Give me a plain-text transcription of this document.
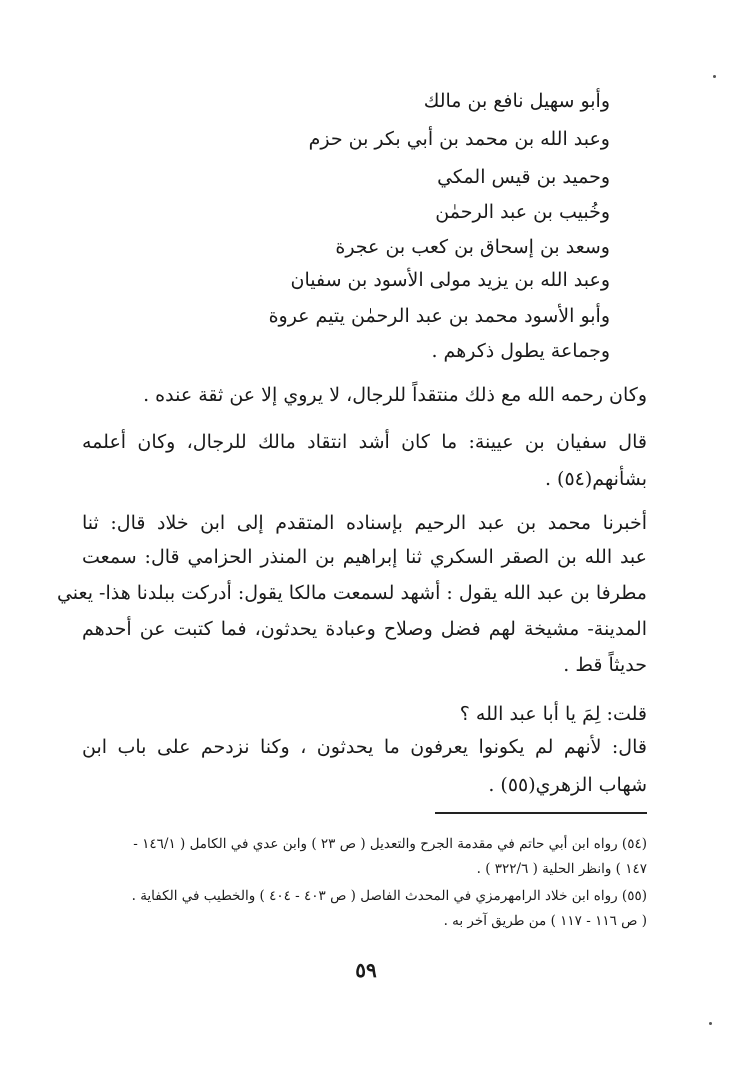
وأبو سهيل نافع بن مالك
وعبد الله بن محمد بن أبي بكر بن حزم
وحميد بن قيس المكي
وخُبيب بن عبد الرحمٰن
وسعد بن إسحاق بن كعب بن عجرة
وعبد الله بن يزيد مولى الأسود بن سفيان
وأبو الأسود محمد بن عبد الرحمٰن يتيم عروة
وجماعة يطول ذكرهم .
وكان رحمه الله مع ذلك منتقداً للرجال، لا يروي إلا عن ثقة عنده .
قال سفيان بن عيينة: ما كان أشد انتقاد مالك للرجال، وكان أعلمه
بشأنهم(٥٤) .
أخبرنا محمد بن عبد الرحيم بإسناده المتقدم إلى ابن خلاد قال: ثنا
عبد الله بن الصقر السكري ثنا إبراهيم بن المنذر الحزامي قال: سمعت
مطرفا بن عبد الله يقول : أشهد لسمعت مالكا يقول: أدركت ببلدنا هذا- يعني
المدينة- مشيخة لهم فضل وصلاح وعبادة يحدثون، فما كتبت عن أحدهم
حديثاً قط .
قلت: لِمَ يا أبا عبد الله ؟
قال: لأنهم لم يكونوا يعرفون ما يحدثون ، وكنا نزدحم على باب ابن
شهاب الزهري(٥٥) .
(٥٤) رواه ابن أبي حاتم في مقدمة الجرح والتعديل ( ص ٢٣ ) وابن عدي في الكامل ( ١٤٦/١ -
١٤٧ ) وانظر الحلية ( ٣٢٢/٦ ) .
(٥٥) رواه ابن خلاد الرامهرمزي في المحدث الفاصل ( ص ٤٠٣ - ٤٠٤ ) والخطيب في الكفاية .
( ص ١١٦ - ١١٧ ) من طريق آخر به .
٥٩
